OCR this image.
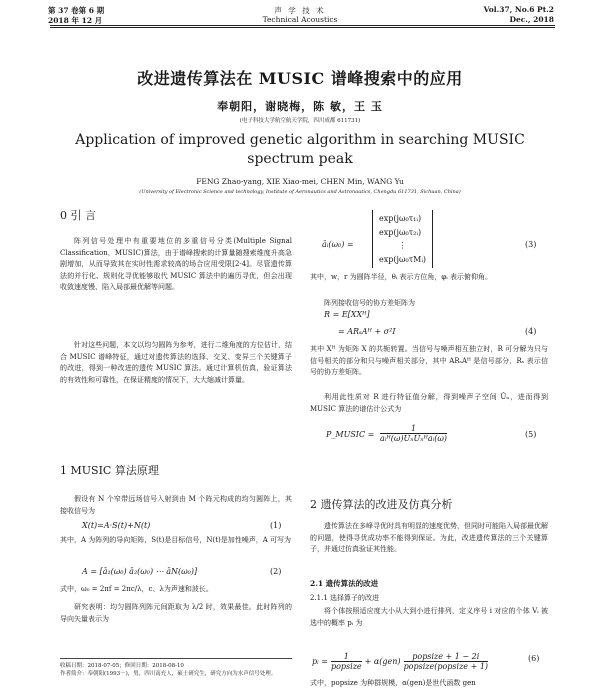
第 37 卷第 6 期
2018 年 12 月
声 学 技 术
Technical Acoustics
Vol.37, No.6 Pt.2
Dec., 2018
改进遗传算法在 MUSIC 谱峰搜索中的应用
奉朝阳，谢晓梅，陈 敏，王 玉
(电子科技大学航空航天学院，四川成都 611731)
Application of improved genetic algorithm in searching MUSIC
spectrum peak
FENG Zhao-yang, XIE Xiao-mei, CHEN Min, WANG Yu
(University of Electronic Science and technology, Institute of Aeronautics and Astronautics, Chengdu 611731, Sichuan, China)
0 引 言
阵列信号处理中有重要地位的多重信号分类(Multiple Signal Classification，MUSIC)算法，由于谱峰搜索的计算量随搜索维度升高急剧增加，从而导致其在实时性需求较高的场合应用受限[2-4]。尽管遗传算法的并行化、规则化寻优能够取代 MUSIC 算法中的遍历寻优，但会出现收敛速度慢、陷入局部最优解等问题。
针对这些问题，本文以均匀圆阵为参考，进行二维角度的方位估计，结合 MUSIC 谱峰特征，通过对遗传算法的选择、交叉、变异三个关键算子的改进，得到一种改进的遗传 MUSIC 算法。通过计算机仿真，验证算法的有效性和可靠性，在保证精度的情况下，大大缩减计算量。
1 MUSIC 算法原理
假设有 N 个窄带远场信号入射到由 M 个阵元构成的均匀圆阵上，其接收信号为
X(t)=A·S(t)+N(t)	(1)
其中，A 为阵列的导向矩阵，S(t)是目标信号，N(t)是加性噪声，A 可写为
A = [ā₁(ω₀) ā₂(ω₀) ⋯ āN(ω₀)]	(2)
式中，ω₀ = 2πf = 2πc/λ，c、λ为声速和波长。
研究表明：均匀圆阵列阵元间距取为 λ/2 时，效果最佳。此时阵列的导向矢量表示为
收稿日期：2018-07-05；修回日期：2018-08-10
作者简介：奉朝阳(1993－)，男，四川南充人，硕士研究生，研究方向为水声信号处理。
āᵢ(ω₀) =
exp(jω₀τ₁ᵢ)
exp(jω₀τ₂ᵢ)
⋮
exp(jω₀τMᵢ)
(3)
其中，w，r 为圆阵半径，θᵢ 表示方位角，φᵢ 表示俯仰角。
阵列接收信号的协方差矩阵为
R = E[XXᴴ]
= ARₛAᴴ + σ²I	(4)
其中 Xᴴ 为矩阵 X 的共轭转置。当信号与噪声相互独立时，R 可分解为只与信号相关的部分和只与噪声相关部分，其中 ARₛAᴴ 是信号部分，Rₛ 表示信号的协方差矩阵。
利用此性质对 R 进行特征值分解，得到噪声子空间 Ûₙ，进而得到 MUSIC 算法的谱估计公式为
P_MUSIC = $\frac{1}{\text{aᵢᴴ(ω)ÛₙÛₙᴴaᵢ(ω)}}$	(5)
2 遗传算法的改进及仿真分析
遗传算法在多峰寻优时具有明显的速度优势，但同时可能陷入局部最优解的问题，使得寻优成功率不能得到保证。为此，改进遗传算法的三个关键算子，并通过仿真验证其性能。
2.1 遗传算法的改进
2.1.1 选择算子的改进
将个体按照适应度大小从大到小进行排列，定义序号 i 对应的个体 Vᵢ 被选中的概率 pᵢ 为
pᵢ = $\frac{1}{\text{popsize}} + \alpha(gen) \frac{\text{popsize + 1 − 2i}}{\text{popsize(popsize + 1)}}$	(6)
式中，popsize 为种群规模，α(gen)是世代函数 gen
